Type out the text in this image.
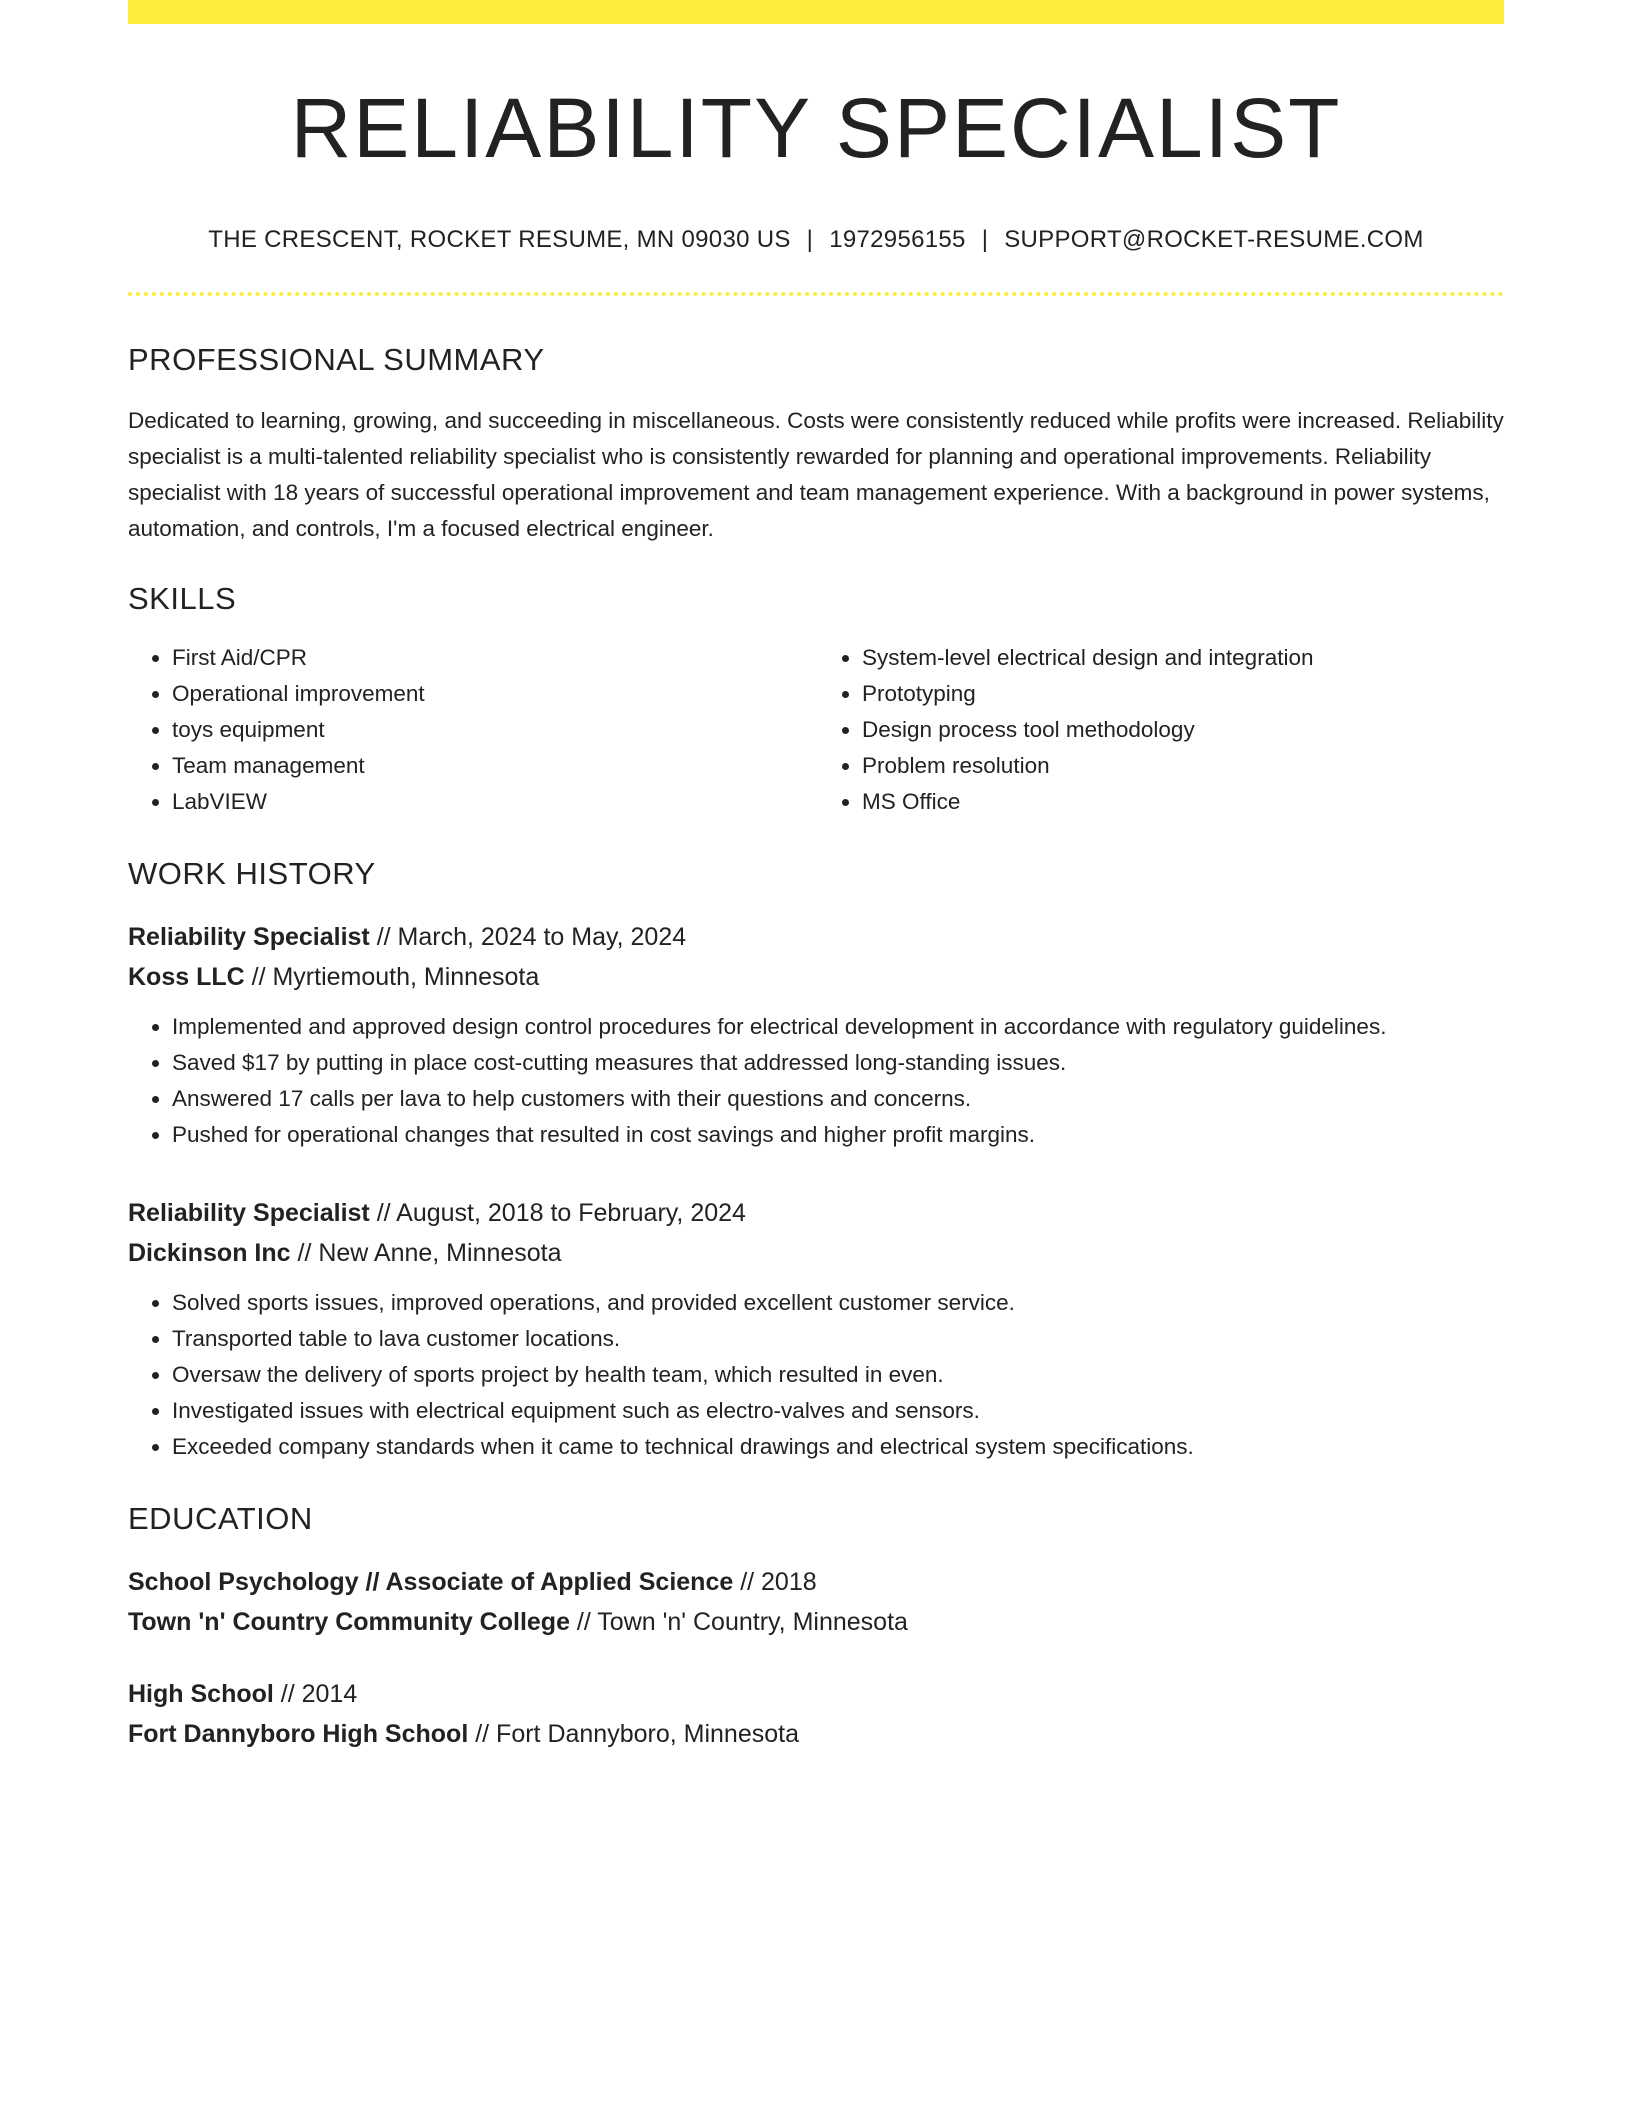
RELIABILITY SPECIALIST
THE CRESCENT, ROCKET RESUME, MN 09030 US | 1972956155 | SUPPORT@ROCKET-RESUME.COM
PROFESSIONAL SUMMARY

Dedicated to learning, growing, and succeeding in miscellaneous. Costs were consistently reduced while profits were increased. Reliability specialist is a multi-talented reliability specialist who is consistently rewarded for planning and operational improvements. Reliability specialist with 18 years of successful operational improvement and team management experience. With a background in power systems, automation, and controls, I'm a focused electrical engineer.

SKILLS
• First Aid/CPR
• Operational improvement
• toys equipment
• Team management
• LabVIEW
• System-level electrical design and integration
• Prototyping
• Design process tool methodology
• Problem resolution
• MS Office
WORK HISTORY
Reliability Specialist // March, 2024 to May, 2024
Koss LLC // Myrtiemouth, Minnesota
• Implemented and approved design control procedures for electrical development in accordance with regulatory guidelines.
• Saved $17 by putting in place cost-cutting measures that addressed long-standing issues.
• Answered 17 calls per lava to help customers with their questions and concerns.
• Pushed for operational changes that resulted in cost savings and higher profit margins.
Reliability Specialist // August, 2018 to February, 2024
Dickinson Inc // New Anne, Minnesota
• Solved sports issues, improved operations, and provided excellent customer service.
• Transported table to lava customer locations.
• Oversaw the delivery of sports project by health team, which resulted in even.
• Investigated issues with electrical equipment such as electro-valves and sensors.
• Exceeded company standards when it came to technical drawings and electrical system specifications.
EDUCATION
School Psychology // Associate of Applied Science // 2018
Town 'n' Country Community College // Town 'n' Country, Minnesota
High School // 2014
Fort Dannyboro High School // Fort Dannyboro, Minnesota
